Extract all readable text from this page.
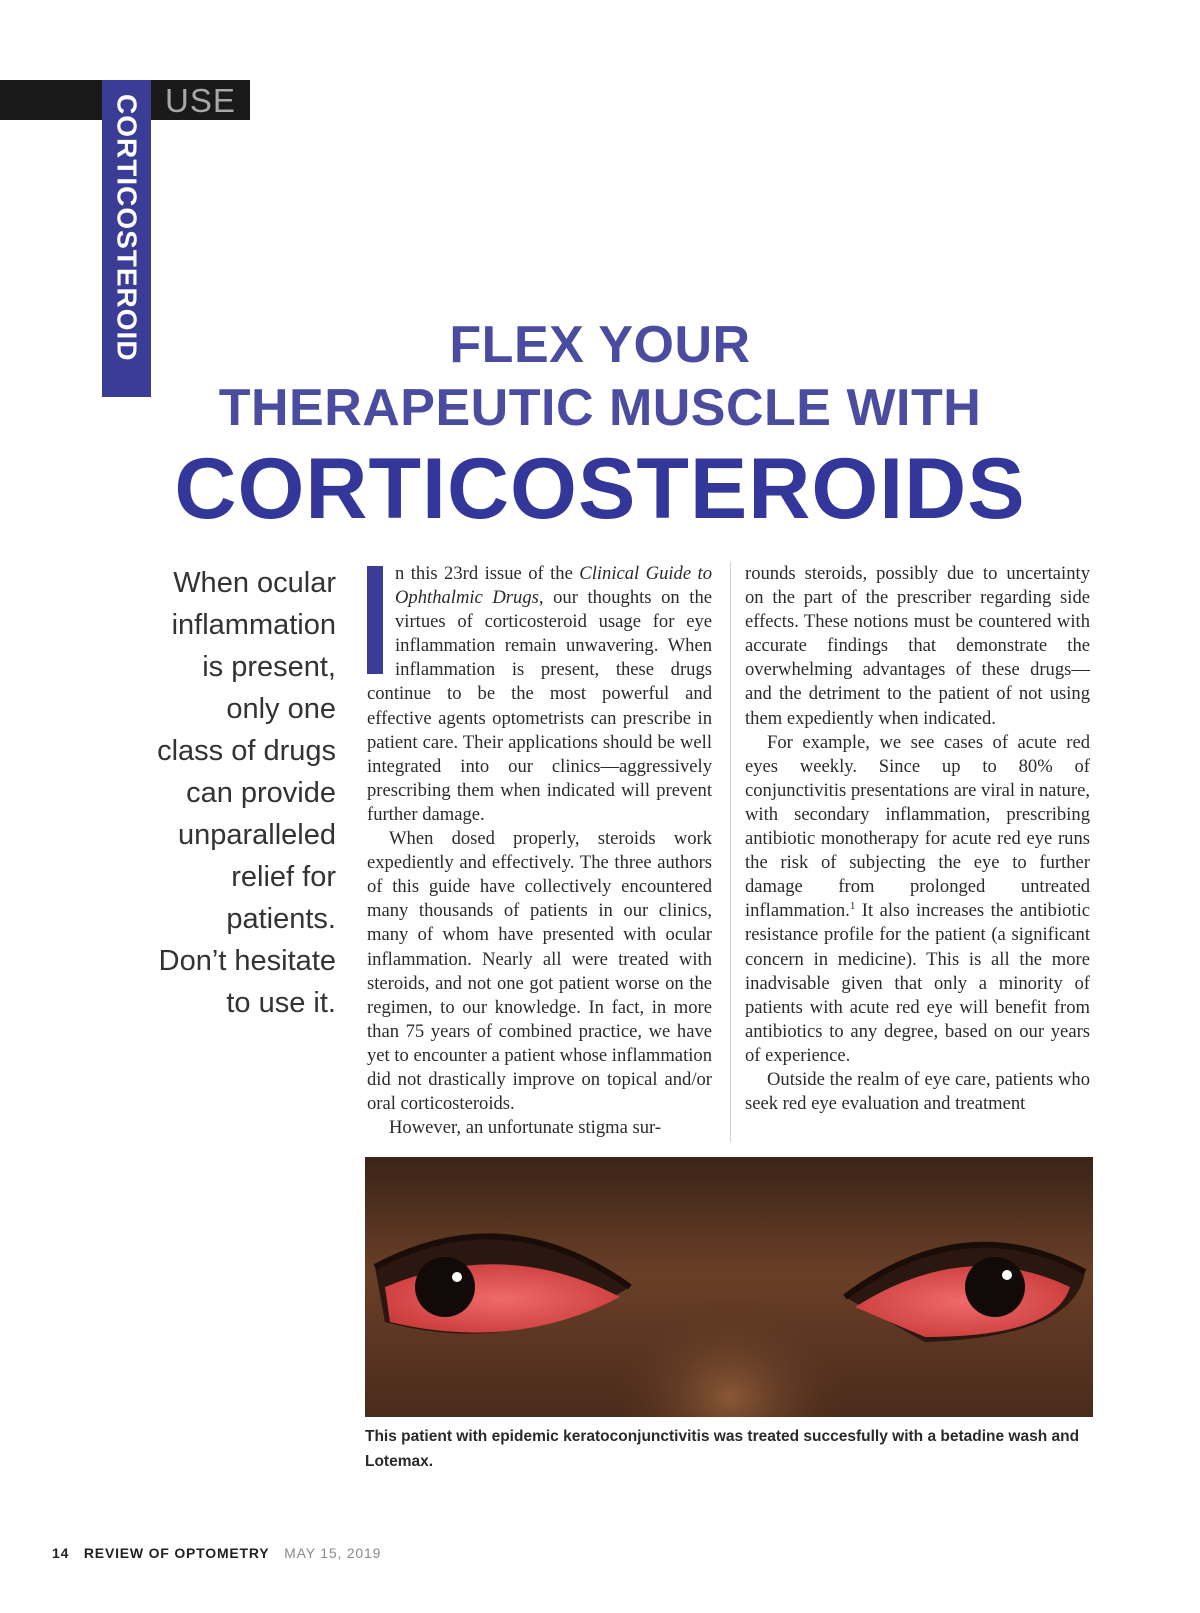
USE
CORTICOSTEROID	FLEX YOUR
THERAPEUTIC MUSCLE WITH
CORTICOSTEROIDS
When ocular
inflammation
is present,
only one
class of drugs
can provide
unparalleled
relief for
patients.
Don’t hesitate
to use it.

n this 23rd issue of the Clinical Guide to Ophthalmic Drugs, our thoughts on the virtues of corticosteroid usage for eye inflammation remain unwavering. When inflammation is present, these drugs continue to be the most powerful and effective agents optometrists can prescribe in patient care. Their applications should be well integrated into our clinics—aggressively prescribing them when indicated will prevent further damage.

When dosed properly, steroids work expediently and effectively. The three authors of this guide have collectively encountered many thousands of patients in our clinics, many of whom have presented with ocular inflammation. Nearly all were treated with steroids, and not one got patient worse on the regimen, to our knowledge. In fact, in more than 75 years of combined practice, we have yet to encounter a patient whose inflammation did not drastically improve on topical and/or oral corticosteroids.

However, an unfortunate stigma sur-

rounds steroids, possibly due to uncertainty on the part of the prescriber regarding side effects. These notions must be countered with accurate findings that demonstrate the overwhelming advantages of these drugs—and the detriment to the patient of not using them expediently when indicated.

For example, we see cases of acute red eyes weekly. Since up to 80% of conjunctivitis presentations are viral in nature, with secondary inflammation, prescribing antibiotic monotherapy for acute red eye runs the risk of subjecting the eye to further damage from prolonged untreated inflammation.$^1$ It also increases the antibiotic resistance profile for the patient (a significant concern in medicine). This is all the more inadvisable given that only a minority of patients with acute red eye will benefit from antibiotics to any degree, based on our years of experience.

Outside the realm of eye care, patients who seek red eye evaluation and treatment

This patient with epidemic keratoconjunctivitis was treated succesfully with a betadine wash and Lotemax.
14 REVIEW OF OPTOMETRY MAY 15, 2019
